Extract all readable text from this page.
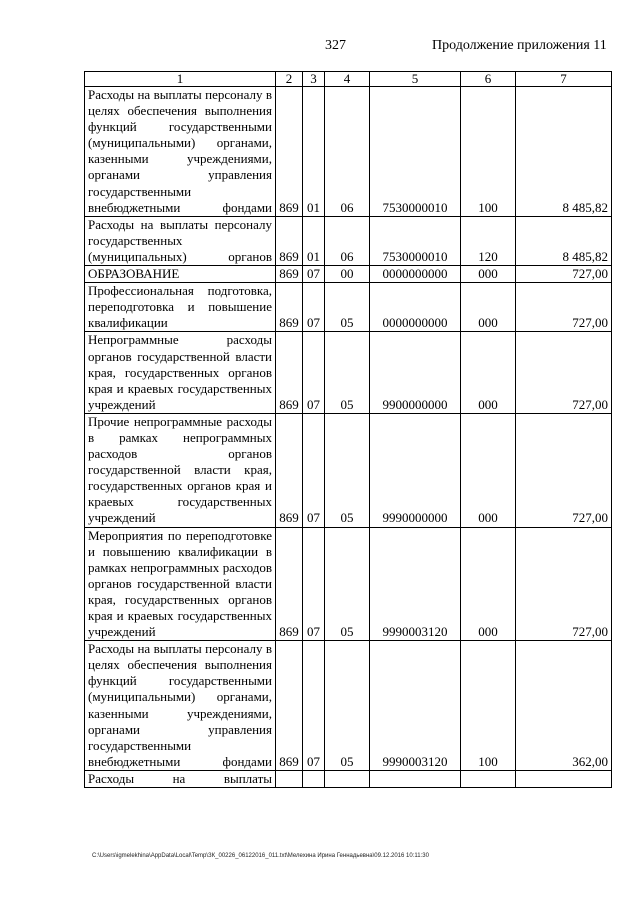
327	Продолжение приложения 11
1	2	3	4	5	6	7
Расходы на выплаты персоналу в целях обеспечения выполнения функций государственными (муниципальными) органами, казенными учреждениями, органами управления государственными внебюджетными фондами	869	01	06	7530000010	100	8 485,82
Расходы на выплаты персоналу государственных (муниципальных) органов	869	01	06	7530000010	120	8 485,82
ОБРАЗОВАНИЕ	869	07	00	0000000000	000	727,00
Профессиональная подготовка, переподготовка и повышение квалификации	869	07	05	0000000000	000	727,00
Непрограммные расходы органов государственной власти края, государственных органов края и краевых государственных учреждений	869	07	05	9900000000	000	727,00
Прочие непрограммные расходы в рамках непрограммных расходов органов государственной власти края, государственных органов края и краевых государственных учреждений	869	07	05	9990000000	000	727,00
Мероприятия по переподготовке и повышению квалификации в рамках непрограммных расходов органов государственной власти края, государственных органов края и краевых государственных учреждений	869	07	05	9990003120	000	727,00
Расходы на выплаты персоналу в целях обеспечения выполнения функций государственными (муниципальными) органами, казенными учреждениями, органами управления государственными внебюджетными фондами	869	07	05	9990003120	100	362,00
Расходы на выплаты						
C:\Users\igmelekhina\AppData\Local\Temp\ЗК_00226_06122016_011.txt\Мелехина Ирина Геннадьевна\09.12.2016 10:11:30
